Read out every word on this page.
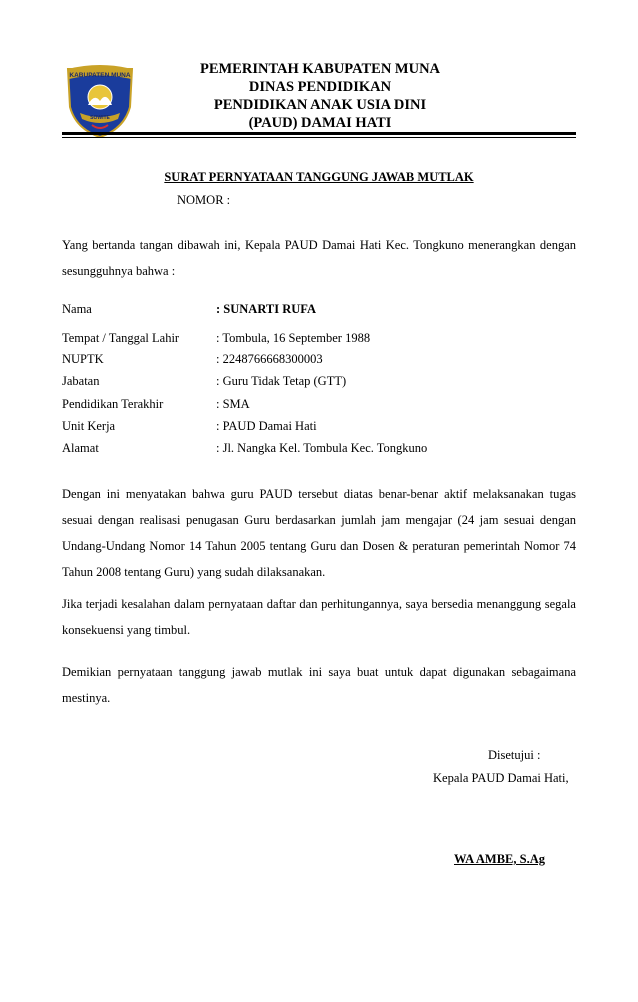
KABUPATEN MUNA
SOWITE
PEMERINTAH KABUPATEN MUNA
DINAS PENDIDIKAN
PENDIDIKAN ANAK USIA DINI
(PAUD) DAMAI HATI
SURAT PERNYATAAN TANGGUNG JAWAB MUTLAK
NOMOR :
Yang bertanda tangan dibawah ini, Kepala PAUD Damai Hati Kec. Tongkuno menerangkan dengan sesungguhnya bahwa :
Nama	: SUNARTI RUFA
Tempat / Tanggal Lahir	: Tombula, 16 September 1988
NUPTK	: 2248766668300003
Jabatan	: Guru Tidak Tetap (GTT)
Pendidikan Terakhir	: SMA
Unit Kerja	: PAUD Damai Hati
Alamat	: Jl. Nangka Kel. Tombula Kec. Tongkuno
Dengan ini menyatakan bahwa guru PAUD tersebut diatas benar-benar aktif melaksanakan tugas sesuai dengan realisasi penugasan Guru berdasarkan jumlah jam mengajar (24 jam sesuai dengan Undang-Undang Nomor 14 Tahun 2005 tentang Guru dan Dosen & peraturan pemerintah Nomor 74 Tahun 2008 tentang Guru) yang sudah dilaksanakan.
Jika terjadi kesalahan dalam pernyataan daftar dan perhitungannya, saya bersedia menanggung segala konsekuensi yang timbul.
Demikian pernyataan tanggung jawab mutlak ini saya buat untuk dapat digunakan sebagaimana mestinya.
Disetujui :
Kepala PAUD Damai Hati,
WA AMBE, S.Ag
